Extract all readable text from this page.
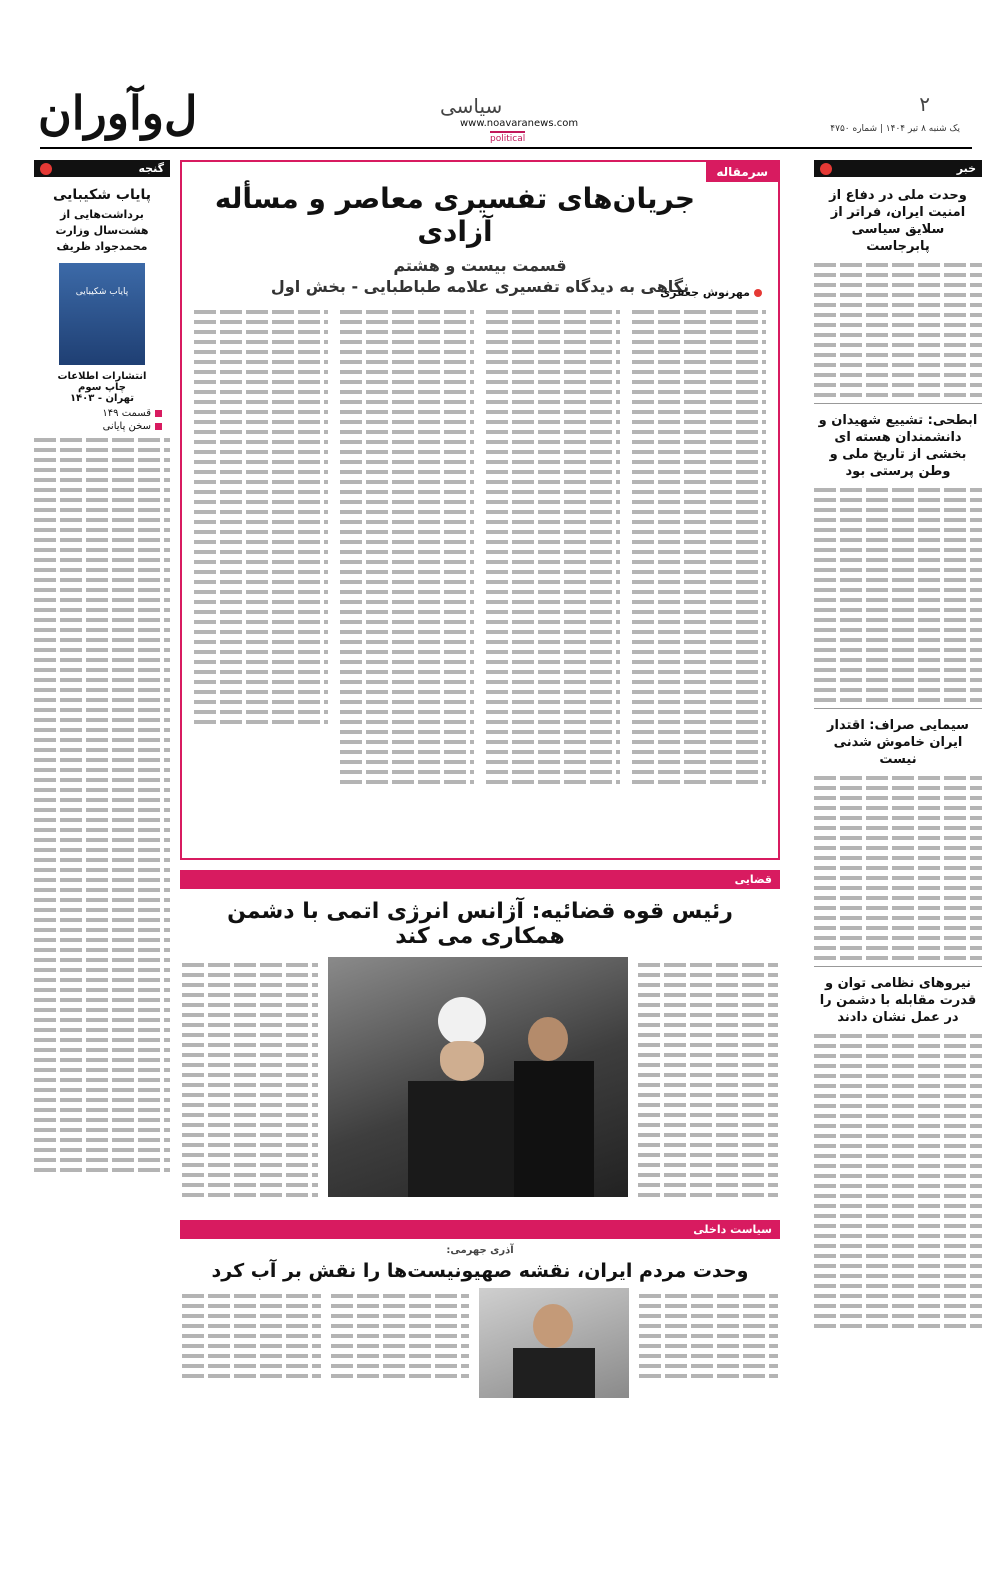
ل‌و‌آوران	سیاسی
www.noavaranews.com
political
۲
یک شنبه ۸ تیر ۱۴۰۴ | شماره ۴۷۵۰
خبر
وحدت ملی در دفاع از امنیت ایران، فراتر از سلایق سیاسی پابرجاست
ابطحی: تشییع شهیدان و دانشمندان هسته ای بخشی از تاریخ ملی و وطن پرستی بود
سیمایی صراف: اقتدار ایران خاموش شدنی نیست
نیروهای نظامی توان و قدرت مقابله با دشمن را در عمل نشان دادند
گنجه
پایاب شکیبایی
برداشت‌هایی از هشت‌سال وزارت محمدجواد ظریف
پایاب شکیبایی
انتشارات اطلاعات
چاپ سوم
تهران - ۱۴۰۳
قسمت ۱۴۹
سخن پایانی
سرمقاله
جریان‌های تفسیری معاصر و مسأله آزادی
قسمت بیست و هشتم
نگاهی به دیدگاه تفسیری علامه طباطبایی - بخش اول
مهرنوش جعفری
قضایی
رئیس قوه قضائیه: آژانس انرژی اتمی با دشمن همکاری می کند
سیاست داخلی
آذری جهرمی:
وحدت مردم ایران، نقشه صهیونیست‌ها را نقش بر آب کرد
